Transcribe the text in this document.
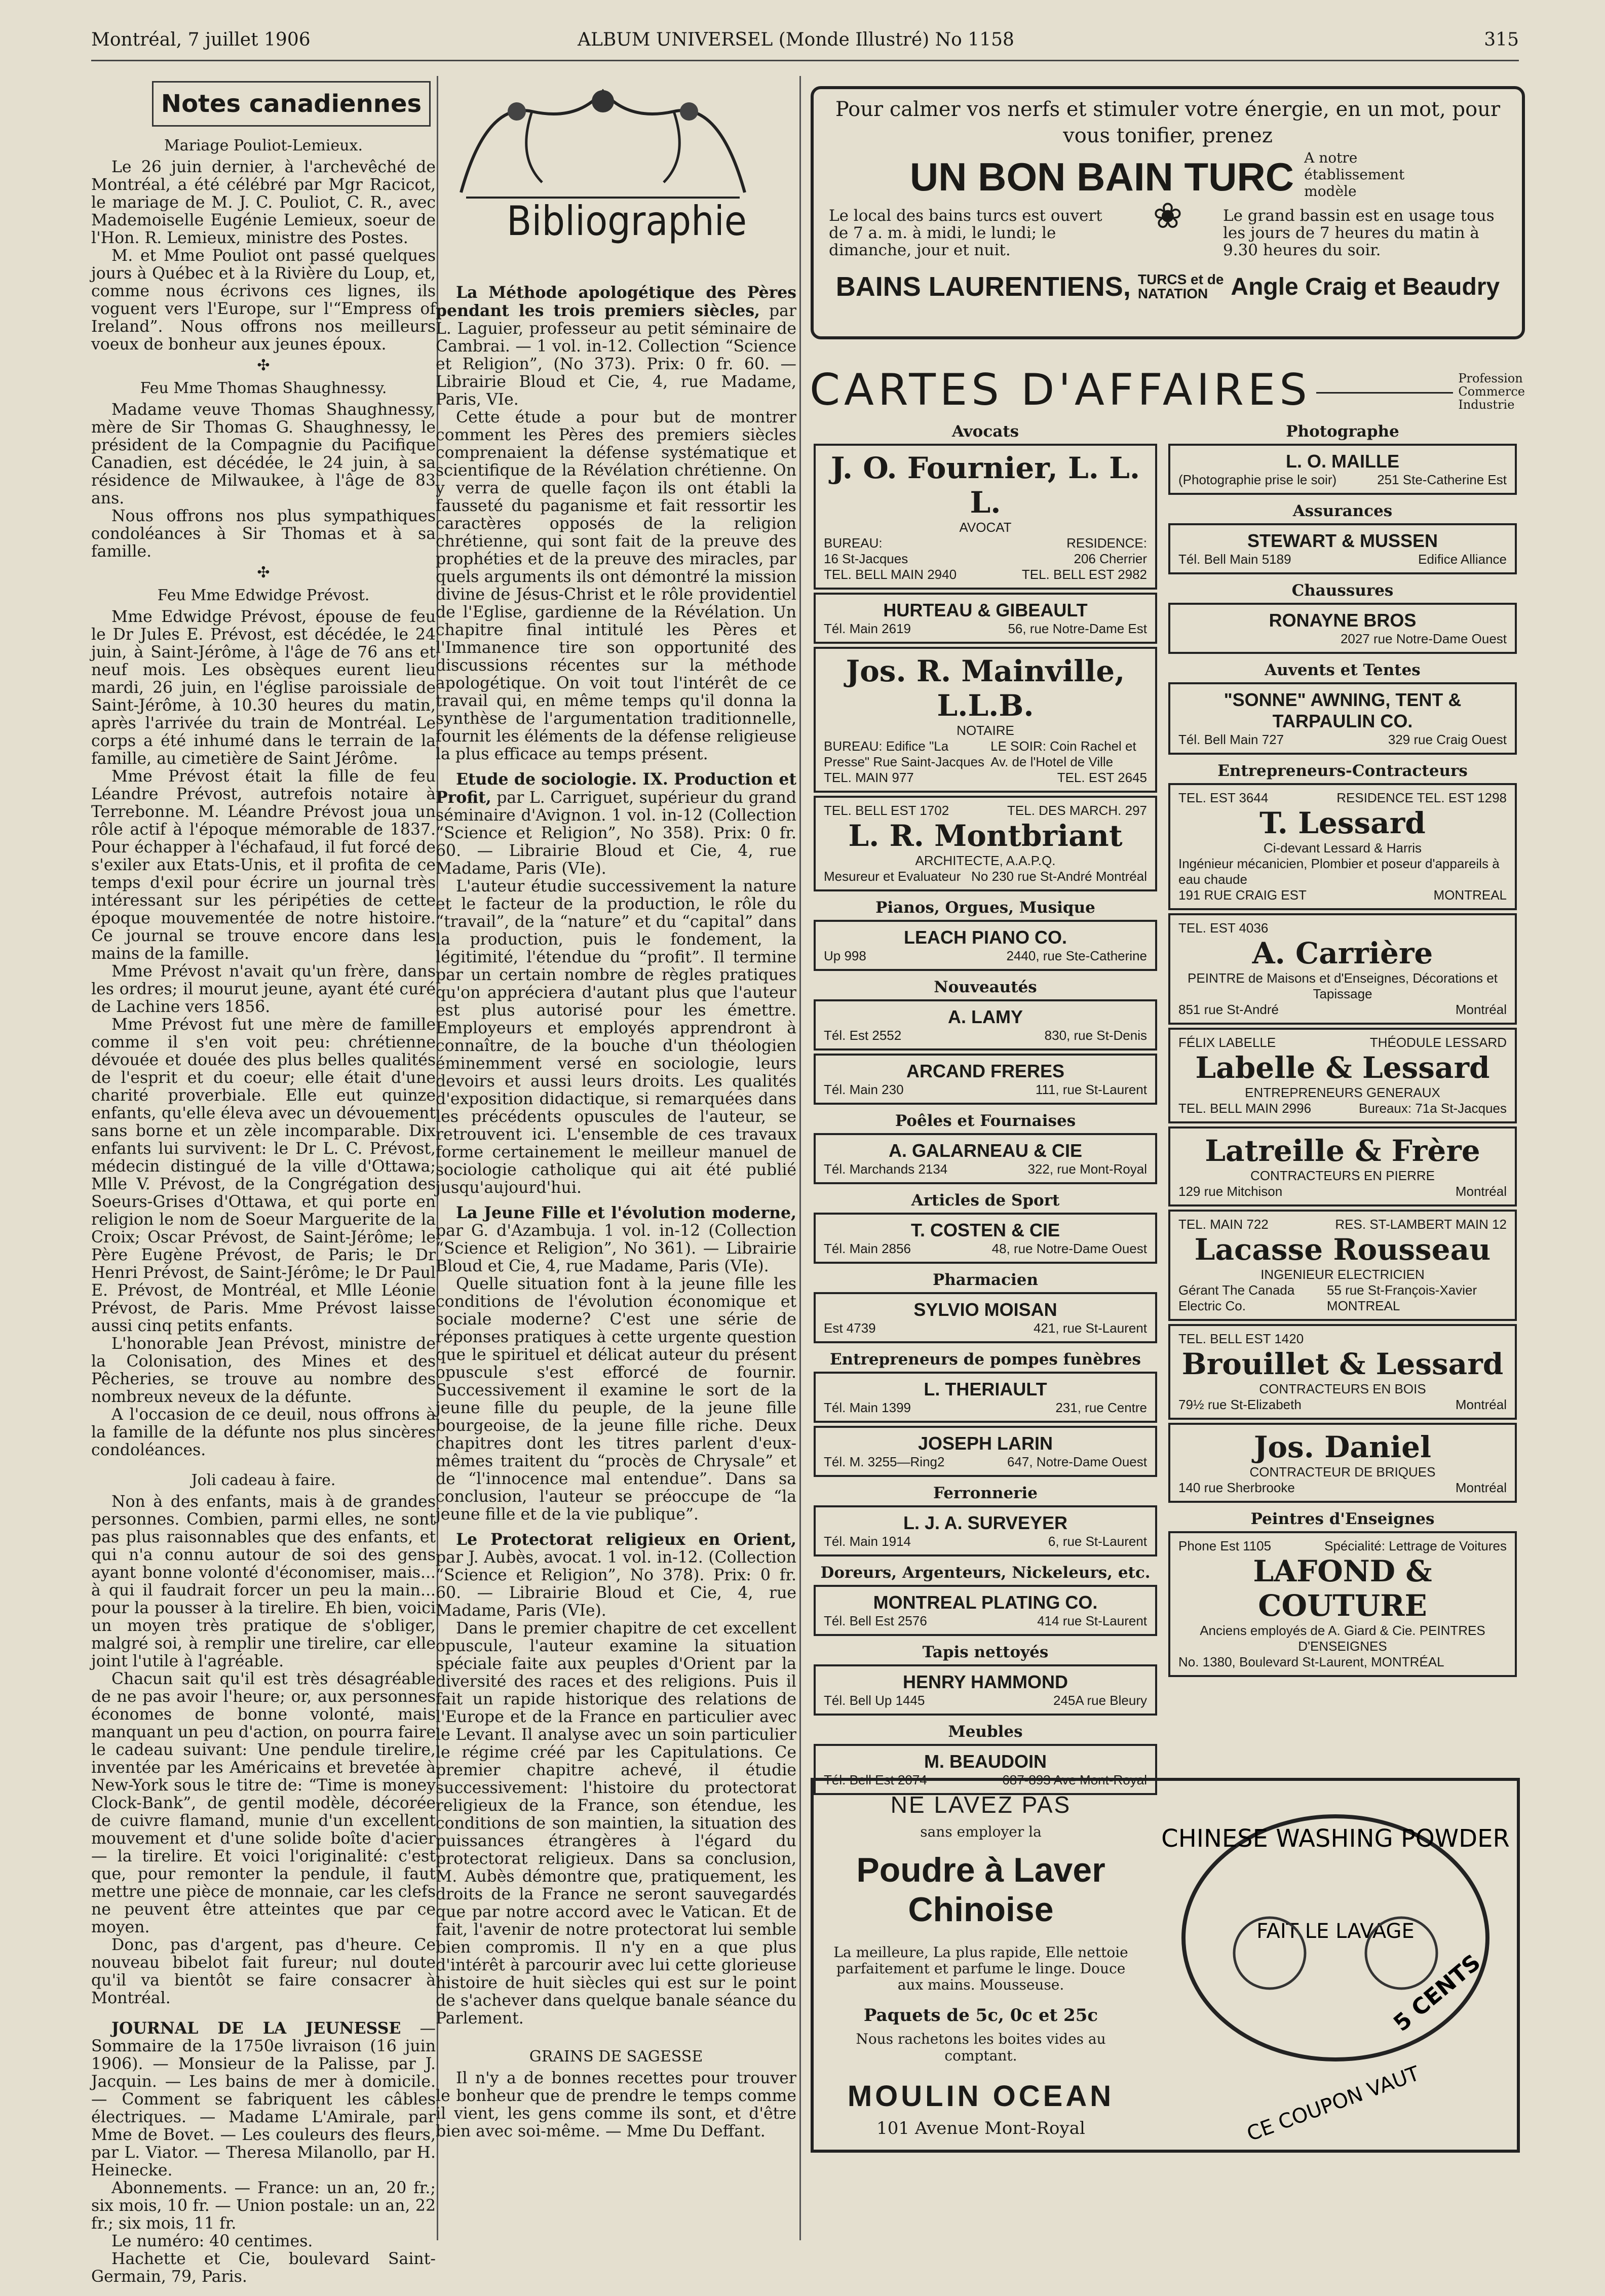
Montréal, 7 juillet 1906	ALBUM UNIVERSEL (Monde Illustré) No 1158	315
Notes canadiennes
Mariage Pouliot-Lemieux.

Le 26 juin dernier, à l'archevêché de Montréal, a été célébré par Mgr Racicot, le mariage de M. J. C. Pouliot, C. R., avec Mademoiselle Eugénie Lemieux, soeur de l'Hon. R. Lemieux, ministre des Postes.

M. et Mme Pouliot ont passé quelques jours à Québec et à la Rivière du Loup, et, comme nous écrivons ces lignes, ils voguent vers l'Europe, sur l'“Empress of Ireland”. Nous offrons nos meilleurs voeux de bonheur aux jeunes époux.

✣
Feu Mme Thomas Shaughnessy.

Madame veuve Thomas Shaughnessy, mère de Sir Thomas G. Shaughnessy, le président de la Compagnie du Pacifique Canadien, est décédée, le 24 juin, à sa résidence de Milwaukee, à l'âge de 83 ans.

Nous offrons nos plus sympathiques condoléances à Sir Thomas et à sa famille.

✣
Feu Mme Edwidge Prévost.

Mme Edwidge Prévost, épouse de feu le Dr Jules E. Prévost, est décédée, le 24 juin, à Saint-Jérôme, à l'âge de 76 ans et neuf mois. Les obsèques eurent lieu mardi, 26 juin, en l'église paroissiale de Saint-Jérôme, à 10.30 heures du matin, après l'arrivée du train de Montréal. Le corps a été inhumé dans le terrain de la famille, au cimetière de Saint Jérôme.

Mme Prévost était la fille de feu Léandre Prévost, autrefois notaire à Terrebonne. M. Léandre Prévost joua un rôle actif à l'époque mémorable de 1837. Pour échapper à l'échafaud, il fut forcé de s'exiler aux Etats-Unis, et il profita de ce temps d'exil pour écrire un journal très intéressant sur les péripéties de cette époque mouvementée de notre histoire. Ce journal se trouve encore dans les mains de la famille.

Mme Prévost n'avait qu'un frère, dans les ordres; il mourut jeune, ayant été curé de Lachine vers 1856.

Mme Prévost fut une mère de famille comme il s'en voit peu: chrétienne dévouée et douée des plus belles qualités de l'esprit et du coeur; elle était d'une charité proverbiale. Elle eut quinze enfants, qu'elle éleva avec un dévouement sans borne et un zèle incomparable. Dix enfants lui survivent: le Dr L. C. Prévost, médecin distingué de la ville d'Ottawa; Mlle V. Prévost, de la Congrégation des Soeurs-Grises d'Ottawa, et qui porte en religion le nom de Soeur Marguerite de la Croix; Oscar Prévost, de Saint-Jérôme; le Père Eugène Prévost, de Paris; le Dr Henri Prévost, de Saint-Jérôme; le Dr Paul E. Prévost, de Montréal, et Mlle Léonie Prévost, de Paris. Mme Prévost laisse aussi cinq petits enfants.

L'honorable Jean Prévost, ministre de la Colonisation, des Mines et des Pêcheries, se trouve au nombre des nombreux neveux de la défunte.

A l'occasion de ce deuil, nous offrons à la famille de la défunte nos plus sincères condoléances.

Joli cadeau à faire.

Non à des enfants, mais à de grandes personnes. Combien, parmi elles, ne sont pas plus raisonnables que des enfants, et qui n'a connu autour de soi des gens ayant bonne volonté d'économiser, mais... à qui il faudrait forcer un peu la main... pour la pousser à la tirelire. Eh bien, voici un moyen très pratique de s'obliger, malgré soi, à remplir une tirelire, car elle joint l'utile à l'agréable.

Chacun sait qu'il est très désagréable de ne pas avoir l'heure; or, aux personnes économes de bonne volonté, mais manquant un peu d'action, on pourra faire le cadeau suivant: Une pendule tirelire, inventée par les Américains et brevetée à New-York sous le titre de: “Time is money Clock-Bank”, de gentil modèle, décorée de cuivre flamand, munie d'un excellent mouvement et d'une solide boîte d'acier — la tirelire. Et voici l'originalité: c'est que, pour remonter la pendule, il faut mettre une pièce de monnaie, car les clefs ne peuvent être atteintes que par ce moyen.

Donc, pas d'argent, pas d'heure. Ce nouveau bibelot fait fureur; nul doute qu'il va bientôt se faire consacrer à Montréal.

JOURNAL DE LA JEUNESSE — Sommaire de la 1750e livraison (16 juin 1906). — Monsieur de la Palisse, par J. Jacquin. — Les bains de mer à domicile. — Comment se fabriquent les câbles électriques. — Madame L'Amirale, par Mme de Bovet. — Les couleurs des fleurs, par L. Viator. — Theresa Milanollo, par H. Heinecke.

Abonnements. — France: un an, 20 fr.; six mois, 10 fr. — Union postale: un an, 22 fr.; six mois, 11 fr.

Le numéro: 40 centimes.

Hachette et Cie, boulevard Saint-Germain, 79, Paris.

Bibliographie

La Méthode apologétique des Pères pendant les trois premiers siècles, par L. Laguier, professeur au petit séminaire de Cambrai. — 1 vol. in-12. Collection “Science et Religion”, (No 373). Prix: 0 fr. 60. — Librairie Bloud et Cie, 4, rue Madame, Paris, VIe.

Cette étude a pour but de montrer comment les Pères des premiers siècles comprenaient la défense systématique et scientifique de la Révélation chrétienne. On y verra de quelle façon ils ont établi la fausseté du paganisme et fait ressortir les caractères opposés de la religion chrétienne, qui sont fait de la preuve des prophéties et de la preuve des miracles, par quels arguments ils ont démontré la mission divine de Jésus-Christ et le rôle providentiel de l'Eglise, gardienne de la Révélation. Un chapitre final intitulé les Pères et l'Immanence tire son opportunité des discussions récentes sur la méthode apologétique. On voit tout l'intérêt de ce travail qui, en même temps qu'il donna la synthèse de l'argumentation traditionnelle, fournit les éléments de la défense religieuse la plus efficace au temps présent.

Etude de sociologie. IX. Production et Profit, par L. Carriguet, supérieur du grand séminaire d'Avignon. 1 vol. in-12 (Collection “Science et Religion”, No 358). Prix: 0 fr. 60. — Librairie Bloud et Cie, 4, rue Madame, Paris (VIe).

L'auteur étudie successivement la nature et le facteur de la production, le rôle du “travail”, de la “nature” et du “capital” dans la production, puis le fondement, la légitimité, l'étendue du “profit”. Il termine par un certain nombre de règles pratiques qu'on appréciera d'autant plus que l'auteur est plus autorisé pour les émettre. Employeurs et employés apprendront à connaître, de la bouche d'un théologien éminemment versé en sociologie, leurs devoirs et aussi leurs droits. Les qualités d'exposition didactique, si remarquées dans les précédents opuscules de l'auteur, se retrouvent ici. L'ensemble de ces travaux forme certainement le meilleur manuel de sociologie catholique qui ait été publié jusqu'aujourd'hui.

La Jeune Fille et l'évolution moderne, par G. d'Azambuja. 1 vol. in-12 (Collection “Science et Religion”, No 361). — Librairie Bloud et Cie, 4, rue Madame, Paris (VIe).

Quelle situation font à la jeune fille les conditions de l'évolution économique et sociale moderne? C'est une série de réponses pratiques à cette urgente question que le spirituel et délicat auteur du présent opuscule s'est efforcé de fournir. Successivement il examine le sort de la jeune fille du peuple, de la jeune fille bourgeoise, de la jeune fille riche. Deux chapitres dont les titres parlent d'eux-mêmes traitent du “procès de Chrysale” et de “l'innocence mal entendue”. Dans sa conclusion, l'auteur se préoccupe de “la jeune fille et de la vie publique”.

Le Protectorat religieux en Orient, par J. Aubès, avocat. 1 vol. in-12. (Collection “Science et Religion”, No 378). Prix: 0 fr. 60. — Librairie Bloud et Cie, 4, rue Madame, Paris (VIe).

Dans le premier chapitre de cet excellent opuscule, l'auteur examine la situation spéciale faite aux peuples d'Orient par la diversité des races et des religions. Puis il fait un rapide historique des relations de l'Europe et de la France en particulier avec le Levant. Il analyse avec un soin particulier le régime créé par les Capitulations. Ce premier chapitre achevé, il étudie successivement: l'histoire du protectorat religieux de la France, son étendue, les conditions de son maintien, la situation des puissances étrangères à l'égard du protectorat religieux. Dans sa conclusion, M. Aubès démontre que, pratiquement, les droits de la France ne seront sauvegardés que par notre accord avec le Vatican. Et de fait, l'avenir de notre protectorat lui semble bien compromis. Il n'y en a que plus d'intérêt à parcourir avec lui cette glorieuse histoire de huit siècles qui est sur le point de s'achever dans quelque banale séance du Parlement.

GRAINS DE SAGESSE

Il n'y a de bonnes recettes pour trouver le bonheur que de prendre le temps comme il vient, les gens comme ils sont, et d'être bien avec soi-même. — Mme Du Deffant.

Pour calmer vos nerfs et stimuler votre énergie, en un mot, pour vous tonifier, prenez
UN BON BAIN TURC A notre établissement modèle
Le local des bains turcs est ouvert de 7 a. m. à midi, le lundi; le dimanche, jour et nuit.
❀	Le grand bassin est en usage tous les jours de 7 heures du matin à 9.30 heures du soir.
BAINS LAURENTIENS, TURCS et de
NATATION Angle Craig et Beaudry
CARTES D'AFFAIRES	Profession
Commerce
Industrie
Avocats
J. O. Fournier, L. L. L.
AVOCAT
BUREAU:	RESIDENCE:
16 St-Jacques	206 Cherrier
TEL. BELL MAIN 2940	TEL. BELL EST 2982
HURTEAU & GIBEAULT
Tél. Main 2619	56, rue Notre-Dame Est
Jos. R. Mainville, L.L.B.
NOTAIRE
BUREAU: Edifice "La Presse" Rue Saint-Jacques
LE SOIR: Coin Rachel et Av. de l'Hotel de Ville
TEL. MAIN 977	TEL. EST 2645
TEL. BELL EST 1702	TEL. DES MARCH. 297
L. R. Montbriant
ARCHITECTE, A.A.P.Q.
Mesureur et Evaluateur No 230 rue St-André Montréal
Pianos, Orgues, Musique
LEACH PIANO CO.
Up 998	2440, rue Ste-Catherine
Nouveautés
A. LAMY
Tél. Est 2552	830, rue St-Denis
ARCAND FRERES
Tél. Main 230	111, rue St-Laurent
Poêles et Fournaises
A. GALARNEAU & CIE
Tél. Marchands 2134	322, rue Mont-Royal
Articles de Sport
T. COSTEN & CIE
Tél. Main 2856	48, rue Notre-Dame Ouest
Pharmacien
SYLVIO MOISAN
Est 4739	421, rue St-Laurent
Entrepreneurs de pompes funèbres
L. THERIAULT
Tél. Main 1399	231, rue Centre
JOSEPH LARIN
Tél. M. 3255—Ring2	647, Notre-Dame Ouest
Ferronnerie
L. J. A. SURVEYER
Tél. Main 1914	6, rue St-Laurent
Doreurs, Argenteurs, Nickeleurs, etc.
MONTREAL PLATING CO.
Tél. Bell Est 2576	414 rue St-Laurent
Tapis nettoyés
HENRY HAMMOND
Tél. Bell Up 1445	245A rue Bleury
Meubles
M. BEAUDOIN
Tél. Bell Est 2074	687-893 Ave Mont-Royal
Photographe
L. O. MAILLE
(Photographie prise le soir)	251 Ste-Catherine Est
Assurances
STEWART & MUSSEN
Tél. Bell Main 5189	Edifice Alliance
Chaussures
RONAYNE BROS
2027 rue Notre-Dame Ouest
Auvents et Tentes
"SONNE" AWNING, TENT & TARPAULIN CO.
Tél. Bell Main 727	329 rue Craig Ouest
Entrepreneurs-Contracteurs
TEL. EST 3644	RESIDENCE TEL. EST 1298
T. Lessard
Ci-devant Lessard & Harris
Ingénieur mécanicien, Plombier et poseur d'appareils à eau chaude
191 RUE CRAIG EST	MONTREAL
TEL. EST 4036
A. Carrière
PEINTRE de Maisons et d'Enseignes, Décorations et Tapissage
851 rue St-André	Montréal
FÉLIX LABELLE	THÉODULE LESSARD
Labelle & Lessard
ENTREPRENEURS GENERAUX
TEL. BELL MAIN 2996	Bureaux: 71a St-Jacques
Latreille & Frère
CONTRACTEURS EN PIERRE
129 rue Mitchison	Montréal
TEL. MAIN 722	RES. ST-LAMBERT MAIN 12
Lacasse Rousseau
INGENIEUR ELECTRICIEN
Gérant The Canada Electric Co.
55 rue St-François-Xavier MONTREAL
TEL. BELL EST 1420
Brouillet & Lessard
CONTRACTEURS EN BOIS
79½ rue St-Elizabeth	Montréal
Jos. Daniel
CONTRACTEUR DE BRIQUES
140 rue Sherbrooke	Montréal
Peintres d'Enseignes
Phone Est 1105	Spécialité: Lettrage de Voitures
LAFOND & COUTURE
Anciens employés de A. Giard & Cie. PEINTRES D'ENSEIGNES
No. 1380, Boulevard St-Laurent, MONTRÉAL
NE LAVEZ PAS
sans employer la
Poudre à Laver
Chinoise
La meilleure, La plus rapide, Elle nettoie parfaitement et parfume le linge. Douce aux mains. Mousseuse.
Paquets de 5c, 0c et 25c
Nous rachetons les boites vides au comptant.
MOULIN OCEAN
101 Avenue Mont-Royal
CHINESE WASHING POWDER
FAIT LE LAVAGE
5 CENTS
CE COUPON VAUT
